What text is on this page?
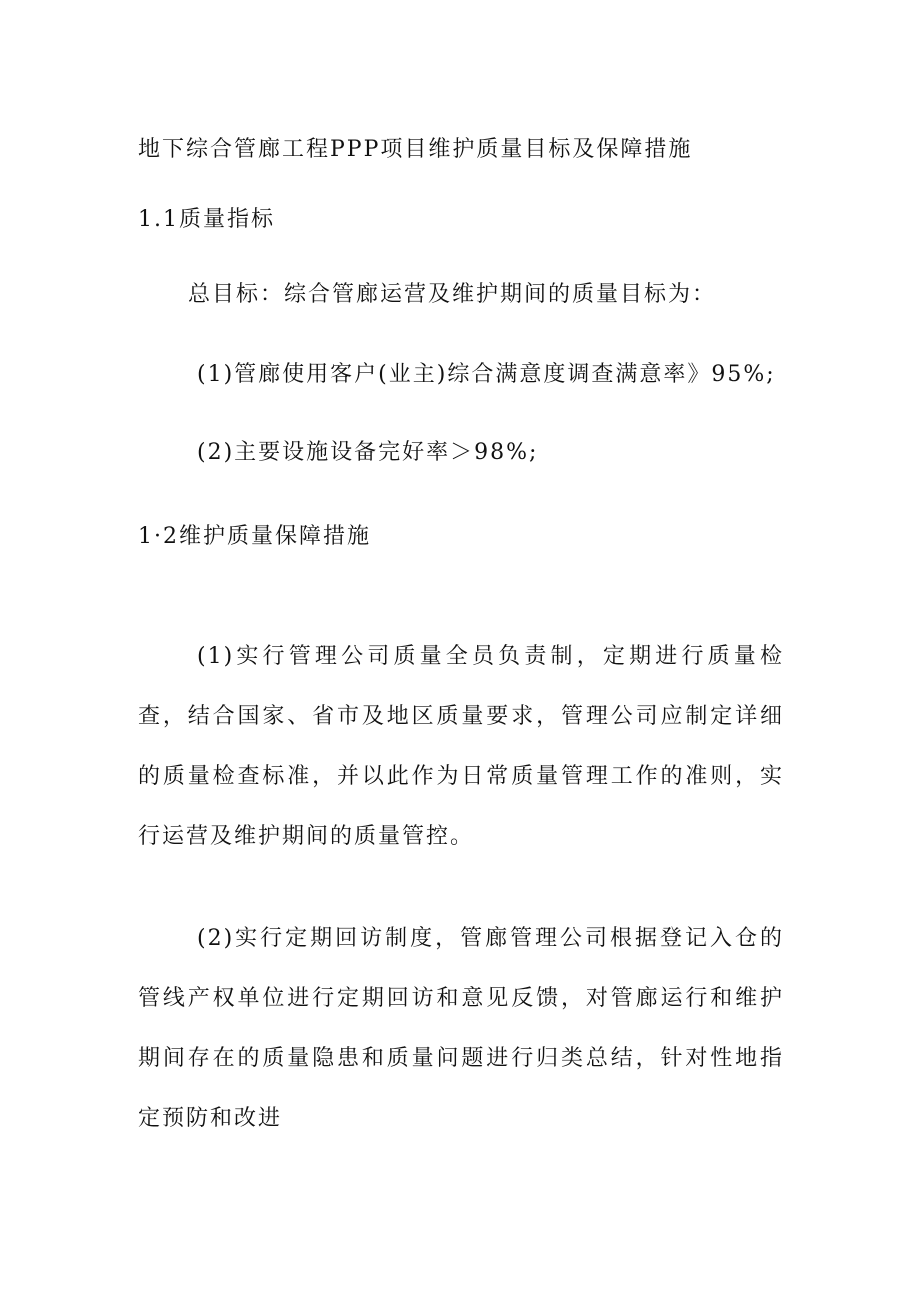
地下综合管廊工程PPP项目维护质量目标及保障措施

1.1质量指标

总目标：综合管廊运营及维护期间的质量目标为：

(1)管廊使用客户(业主)综合满意度调查满意率》95%;

(2)主要设施设备完好率＞98%;

1·2维护质量保障措施

(1)实行管理公司质量全员负责制，定期进行质量检查，结合国家、省市及地区质量要求，管理公司应制定详细的质量检查标准，并以此作为日常质量管理工作的准则，实行运营及维护期间的质量管控。

(2)实行定期回访制度，管廊管理公司根据登记入仓的管线产权单位进行定期回访和意见反馈，对管廊运行和维护期间存在的质量隐患和质量问题进行归类总结，针对性地指定预防和改进
